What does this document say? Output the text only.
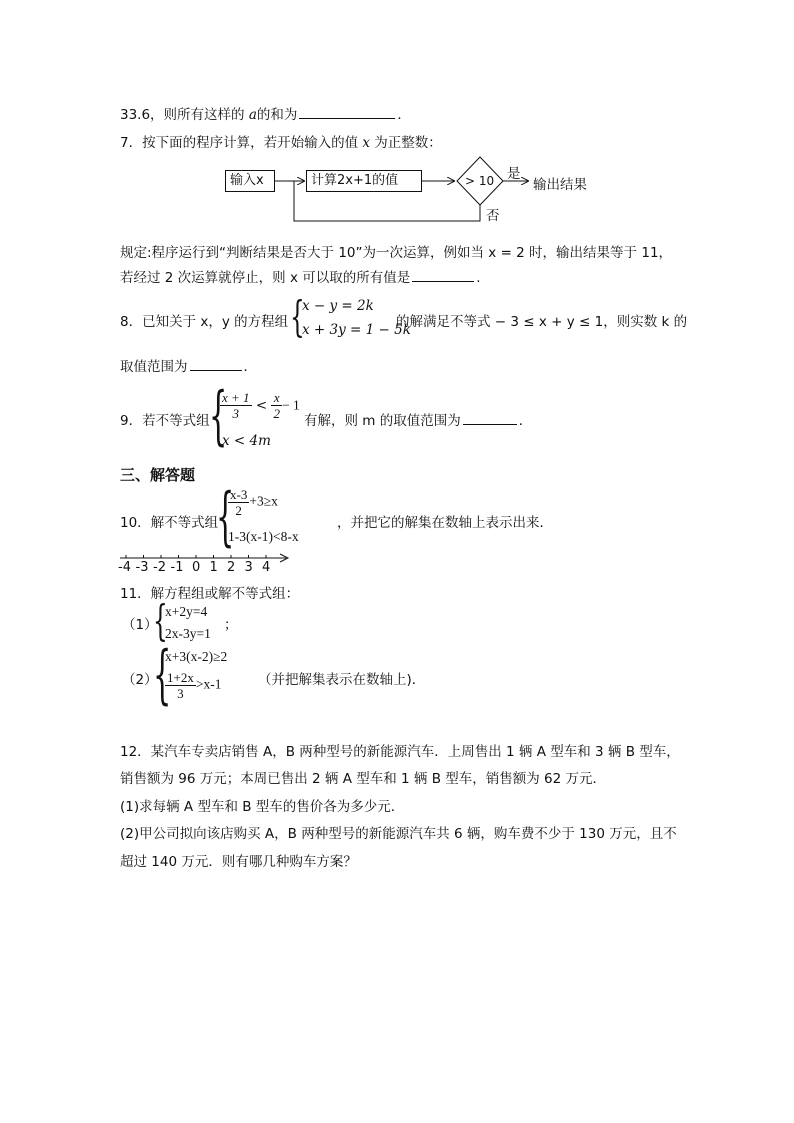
33.6，则所有这样的 a的和为	．
7．按下面的程序计算，若开始输入的值 x 为正整数：
输入x	计算2x+1的值	> 10 是
否
输出结果
规定:程序运行到“判断结果是否大于 10”为一次运算，例如当 x = 2 时，输出结果等于 11，
若经过 2 次运算就停止，则 x 可以取的所有值是	.
8．已知关于 x，y 的方程组 {
x − y = 2k
x + 3y = 1 − 5k
的解满足不等式 − 3 ≤ x + y ≤ 1，则实数 k 的
取值范围为	．
9．若不等式组 {
$\frac{x + 1}{3} < \frac{x}{2} - 1$
x < 4m
有解，则 m 的取值范围为	．
三、解答题
10．解不等式组
{
$\frac{x-3}{2} +3\ge x$
1-3(x-1)<8-x
，并把它的解集在数轴上表示出来．
-4 -3 -2 -1 0 1 2 3 4
11．解方程组或解不等式组：
（1）
{
x+2y=4
2x-3y=1
；
（2）
{
x+3(x-2)≥2
$\frac{1+2x}{3} >x-1$	（并把解集表示在数轴上)．
12．某汽车专卖店销售 A，B 两种型号的新能源汽车．上周售出 1 辆 A 型车和 3 辆 B 型车，
销售额为 96 万元；本周已售出 2 辆 A 型车和 1 辆 B 型车，销售额为 62 万元．
(1)求每辆 A 型车和 B 型车的售价各为多少元．
(2)甲公司拟向该店购买 A，B 两种型号的新能源汽车共 6 辆，购车费不少于 130 万元，且不
超过 140 万元．则有哪几种购车方案？
